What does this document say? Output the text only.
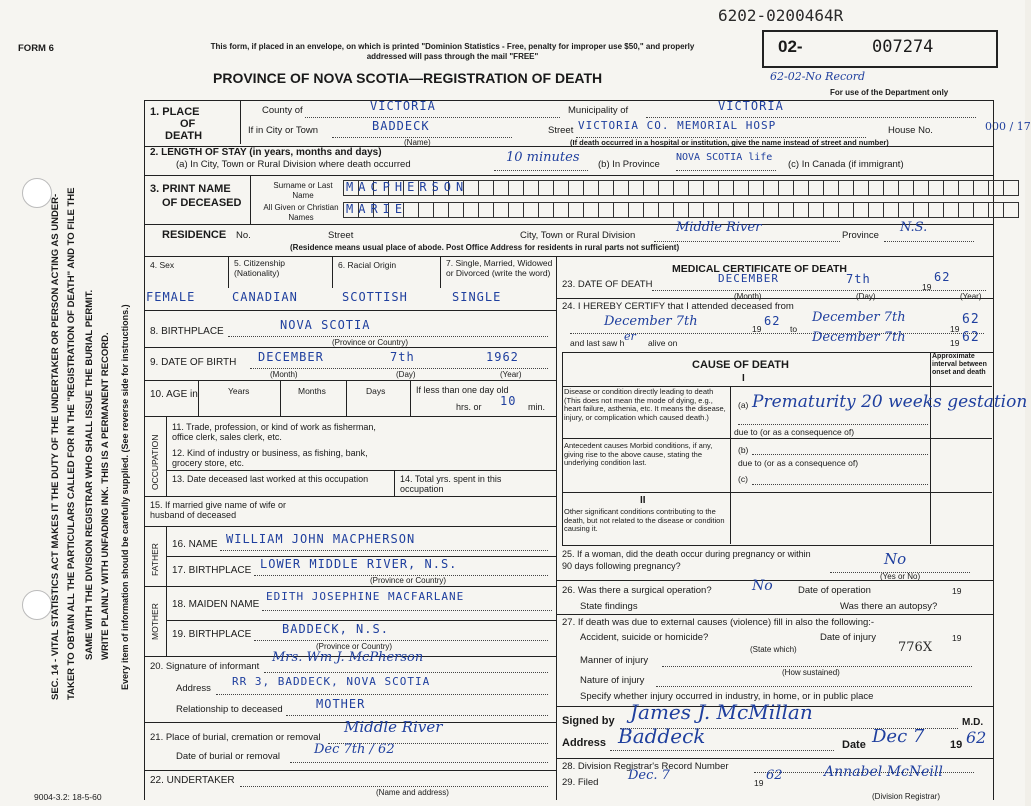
SEC. 14 - VITAL STATISTICS ACT MAKES IT THE DUTY OF THE UNDERTAKER OR PERSON ACTING AS UNDER- TAKER TO OBTAIN ALL THE PARTICULARS CALLED FOR IN THE "REGISTRATION OF DEATH" AND TO FILE THE SAME WITH THE DIVISION REGISTRAR WHO SHALL ISSUE THE BURIAL PERMIT. WRITE PLAINLY WITH UNFADING INK. THIS IS A PERMANENT RECORD. Every item of information should be carefully supplied. (See reverse side for instructions.)
FORM 6	This form, if placed in an envelope, on which is printed "Dominion Statistics - Free, penalty for improper use $50," and properly addressed will pass through the mail "FREE"
PROVINCE OF NOVA SCOTIA—REGISTRATION OF DEATH
6202-0200464R
02-	007274
62-02-No Record
For use of the Department only
000 / 17
1. PLACE
OF
DEATH
County of	VICTORIA	Municipality of	VICTORIA
If in City or Town	BADDECK
(Name)
Street VICTORIA CO. MEMORIAL HOSP	House No.
(If death occurred in a hospital or institution, give the name instead of street and number)
2. LENGTH OF STAY (in years, months and days)
(a) In City, Town or Rural Division where death occurred	10 minutes (b) In Province
NOVA SCOTIA life
(c) In Canada (if immigrant)
3. PRINT NAME
OF DECEASED
Surname or Last Name
All Given or Christian Names
MACPHERSON
MARIE
RESIDENCE No.	Street	City, Town or Rural Division
Middle River
Province
N.S.
(Residence means usual place of abode. Post Office Address for residents in rural parts not sufficient)
4. Sex	5. Citizenship (Nationality)
6. Racial Origin	7. Single, Married, Widowed or Divorced (write the word)
FEMALE	CANADIAN	SCOTTISH	SINGLE
8. BIRTHPLACE	NOVA SCOTIA
(Province or Country)
9. DATE OF BIRTH DECEMBER	7th	1962
(Month)	(Day)	(Year)
10. AGE in	Years	Months	Days	If less than one day old
hrs. or 10 min.
OCCUPATION
11. Trade, profession, or kind of work as fisherman, office clerk, sales clerk, etc.
12. Kind of industry or business, as fishing, bank, grocery store, etc.
13. Date deceased last worked at this occupation	14. Total yrs. spent in this occupation
15. If married give name of wife or husband of deceased
FATHER 16. NAME WILLIAM JOHN MACPHERSON
17. BIRTHPLACE LOWER MIDDLE RIVER, N.S.
(Province or Country)
MOTHER 18. MAIDEN NAME
EDITH JOSEPHINE MACFARLANE
19. BIRTHPLACE	BADDECK, N.S.
(Province or Country)
20. Signature of informant
Mrs. Wm J. McPherson
Address
RR 3, BADDECK, NOVA SCOTIA
Relationship to deceased	MOTHER
21. Place of burial, cremation or removal
Middle River
Date of burial or removal	Dec 7th / 62
22. UNDERTAKER
(Name and address)
MEDICAL CERTIFICATE OF DEATH
23. DATE OF DEATH	DECEMBER	7th
19
62
(Month)	(Day)	(Year)
24. I HEREBY CERTIFY that I attended deceased from
December 7th	19
62
to
December 7th
19
62
and last saw h er alive on	December 7th	19 62
CAUSE OF DEATH
Approximate interval between onset and death
I
Disease or condition directly leading to death (This does not mean the mode of dying, e.g., heart failure, asthenia, etc. It means the disease, injury, or complication which caused death.)
(a) Prematurity 20 weeks gestation
due to (or as a consequence of)
Antecedent causes Morbid conditions, if any, giving rise to the above cause, stating the underlying condition last.
(b)
due to (or as a consequence of)
(c)
II
Other significant conditions contributing to the death, but not related to the disease or condition causing it.
25. If a woman, did the death occur during pregnancy or within 90 days following pregnancy?	No
(Yes or No)
26. Was there a surgical operation?	No	Date of operation	19
State findings	Was there an autopsy?
27. If death was due to external causes (violence) fill in also the following:-
Accident, suicide or homicide?	Date of injury	19
(State which)	776X
Manner of injury
(How sustained)
Nature of injury
Specify whether injury occurred in industry, in home, or in public place
Signed by James J. McMillan	M.D.
Address Baddeck	Date Dec 7 19 62
28. Division Registrar's Record Number
29. Filed Dec. 7	19 62	Annabel McNeill
(Division Registrar)
9004-3.2: 18-5-60
